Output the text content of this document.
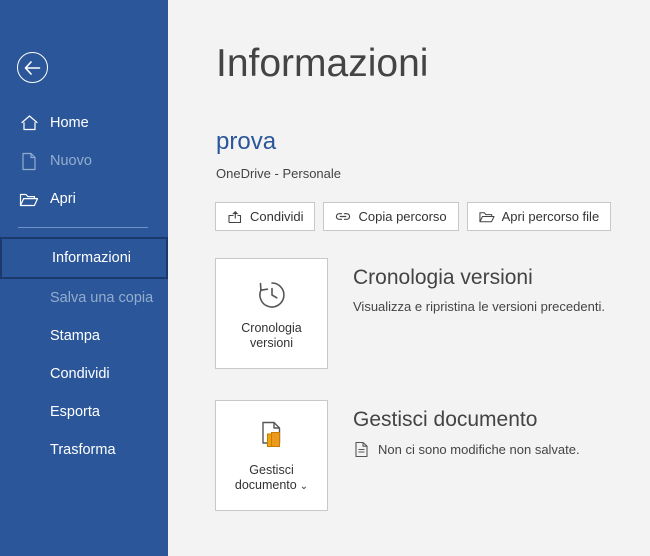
Home
Nuovo
Apri
Informazioni
Salva una copia
Stampa
Condividi
Esporta
Trasforma
Informazioni
prova
OneDrive - Personale
Condividi	Copia percorso	Apri percorso file
Cronologia versioni
Cronologia versioni
Visualizza e ripristina le versioni precedenti.
Gestisci documento ⌄
Gestisci documento
Non ci sono modifiche non salvate.
